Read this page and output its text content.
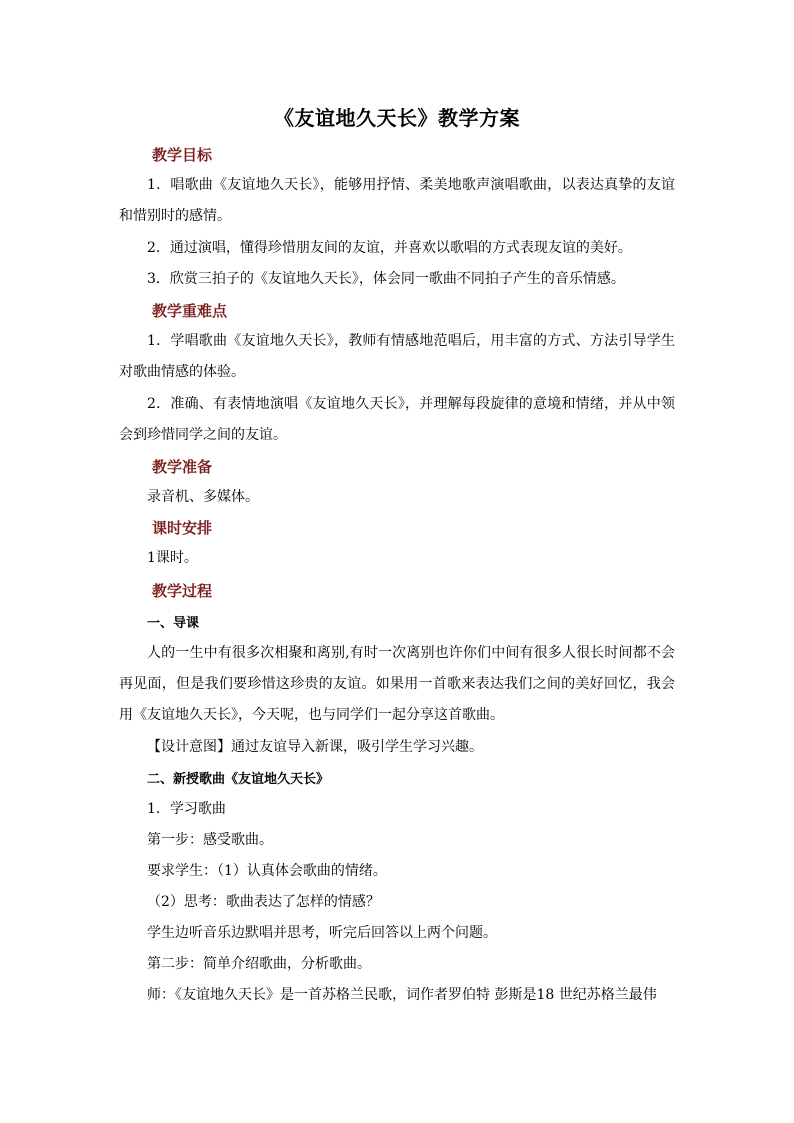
《友谊地久天长》教学方案
教学目标

1．唱歌曲《友谊地久天长》，能够用抒情、柔美地歌声演唱歌曲，以表达真挚的友谊和惜别时的感情。

2．通过演唱，懂得珍惜朋友间的友谊，并喜欢以歌唱的方式表现友谊的美好。

3．欣赏三拍子的《友谊地久天长》，体会同一歌曲不同拍子产生的音乐情感。

教学重难点

1．学唱歌曲《友谊地久天长》，教师有情感地范唱后，用丰富的方式、方法引导学生对歌曲情感的体验。

2．准确、有表情地演唱《友谊地久天长》，并理解每段旋律的意境和情绪，并从中领会到珍惜同学之间的友谊。

教学准备

录音机、多媒体。

课时安排

1课时。

教学过程
一、导课

人的一生中有很多次相聚和离别,有时一次离别也许你们中间有很多人很长时间都不会再见面，但是我们要珍惜这珍贵的友谊。如果用一首歌来表达我们之间的美好回忆，我会用《友谊地久天长》，今天呢，也与同学们一起分享这首歌曲。

【设计意图】通过友谊导入新课，吸引学生学习兴趣。

二、新授歌曲《友谊地久天长》

1．学习歌曲

第一步：感受歌曲。

要求学生：（1）认真体会歌曲的情绪。

（2）思考：歌曲表达了怎样的情感？

学生边听音乐边默唱并思考，听完后回答以上两个问题。

第二步：简单介绍歌曲，分析歌曲。

师：《友谊地久天长》是一首苏格兰民歌，词作者罗伯特 彭斯是18 世纪苏格兰最伟
